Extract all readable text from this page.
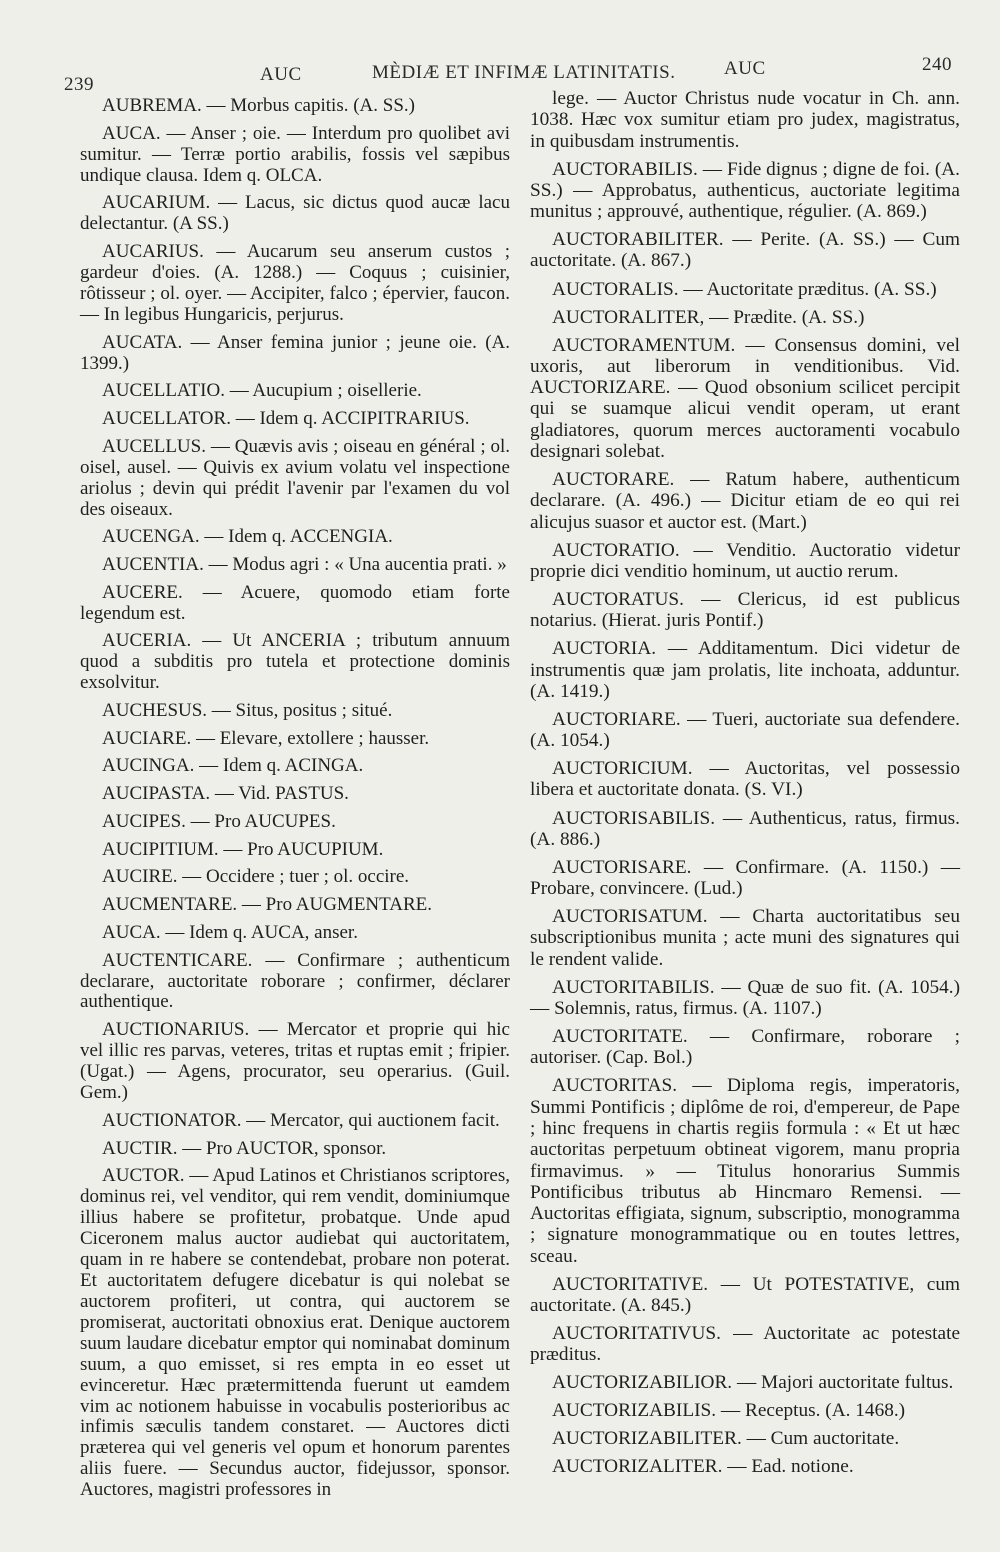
239	AUC	MÈDIÆ ET INFIMÆ LATINITATIS.	AUC	240

AUBREMA. — Morbus capitis. (A. SS.)

AUCA. — Anser ; oie. — Interdum pro quolibet avi sumitur. — Terræ portio arabilis, fossis vel sæpibus undique clausa. Idem q. OLCA.

AUCARIUM. — Lacus, sic dictus quod aucæ lacu delectantur. (A SS.)

AUCARIUS. — Aucarum seu anserum custos ; gardeur d'oies. (A. 1288.) — Coquus ; cuisinier, rôtisseur ; ol. oyer. — Accipiter, falco ; épervier, faucon. — In legibus Hungaricis, perjurus.

AUCATA. — Anser femina junior ; jeune oie. (A. 1399.)

AUCELLATIO. — Aucupium ; oisellerie.

AUCELLATOR. — Idem q. ACCIPITRARIUS.

AUCELLUS. — Quævis avis ; oiseau en général ; ol. oisel, ausel. — Quivis ex avium volatu vel inspectione ariolus ; devin qui prédit l'avenir par l'examen du vol des oiseaux.

AUCENGA. — Idem q. ACCENGIA.

AUCENTIA. — Modus agri : « Una aucentia prati. »

AUCERE. — Acuere, quomodo etiam forte legendum est.

AUCERIA. — Ut ANCERIA ; tributum annuum quod a subditis pro tutela et protectione dominis exsolvitur.

AUCHESUS. — Situs, positus ; situé.

AUCIARE. — Elevare, extollere ; hausser.

AUCINGA. — Idem q. ACINGA.

AUCIPASTA. — Vid. PASTUS.

AUCIPES. — Pro AUCUPES.

AUCIPITIUM. — Pro AUCUPIUM.

AUCIRE. — Occidere ; tuer ; ol. occire.

AUCMENTARE. — Pro AUGMENTARE.

AUCA. — Idem q. AUCA, anser.

AUCTENTICARE. — Confirmare ; authenticum declarare, auctoritate roborare ; confirmer, déclarer authentique.

AUCTIONARIUS. — Mercator et proprie qui hic vel illic res parvas, veteres, tritas et ruptas emit ; fripier. (Ugat.) — Agens, procurator, seu operarius. (Guil. Gem.)

AUCTIONATOR. — Mercator, qui auctionem facit.

AUCTIR. — Pro AUCTOR, sponsor.

AUCTOR. — Apud Latinos et Christianos scriptores, dominus rei, vel venditor, qui rem vendit, dominiumque illius habere se profitetur, probatque. Unde apud Ciceronem malus auctor audiebat qui auctoritatem, quam in re habere se contendebat, probare non poterat. Et auctoritatem defugere dicebatur is qui nolebat se auctorem profiteri, ut contra, qui auctorem se promiserat, auctoritati obnoxius erat. Denique auctorem suum laudare dicebatur emptor qui nominabat dominum suum, a quo emisset, si res empta in eo esset ut evinceretur. Hæc prætermittenda fuerunt ut eamdem vim ac notionem habuisse in vocabulis posterioribus ac infimis sæculis tandem constaret. — Auctores dicti præterea qui vel generis vel opum et honorum parentes aliis fuere. — Secundus auctor, fidejussor, sponsor. Auctores, magistri professores in

lege. — Auctor Christus nude vocatur in Ch. ann. 1038. Hæc vox sumitur etiam pro judex, magistratus, in quibusdam instrumentis.

AUCTORABILIS. — Fide dignus ; digne de foi. (A. SS.) — Approbatus, authenticus, auctoriate legitima munitus ; approuvé, authentique, régulier. (A. 869.)

AUCTORABILITER. — Perite. (A. SS.) — Cum auctoritate. (A. 867.)

AUCTORALIS. — Auctoritate præditus. (A. SS.)

AUCTORALITER, — Prædite. (A. SS.)

AUCTORAMENTUM. — Consensus domini, vel uxoris, aut liberorum in venditionibus. Vid. AUCTORIZARE. — Quod obsonium scilicet percipit qui se suamque alicui vendit operam, ut erant gladiatores, quorum merces auctoramenti vocabulo designari solebat.

AUCTORARE. — Ratum habere, authenticum declarare. (A. 496.) — Dicitur etiam de eo qui rei alicujus suasor et auctor est. (Mart.)

AUCTORATIO. — Venditio. Auctoratio videtur proprie dici venditio hominum, ut auctio rerum.

AUCTORATUS. — Clericus, id est publicus notarius. (Hierat. juris Pontif.)

AUCTORIA. — Additamentum. Dici videtur de instrumentis quæ jam prolatis, lite inchoata, adduntur. (A. 1419.)

AUCTORIARE. — Tueri, auctoriate sua defendere. (A. 1054.)

AUCTORICIUM. — Auctoritas, vel possessio libera et auctoritate donata. (S. VI.)

AUCTORISABILIS. — Authenticus, ratus, firmus. (A. 886.)

AUCTORISARE. — Confirmare. (A. 1150.) — Probare, convincere. (Lud.)

AUCTORISATUM. — Charta auctoritatibus seu subscriptionibus munita ; acte muni des signatures qui le rendent valide.

AUCTORITABILIS. — Quæ de suo fit. (A. 1054.) — Solemnis, ratus, firmus. (A. 1107.)

AUCTORITATE. — Confirmare, roborare ; autoriser. (Cap. Bol.)

AUCTORITAS. — Diploma regis, imperatoris, Summi Pontificis ; diplôme de roi, d'empereur, de Pape ; hinc frequens in chartis regiis formula : « Et ut hæc auctoritas perpetuum obtineat vigorem, manu propria firmavimus. » — Titulus honorarius Summis Pontificibus tributus ab Hincmaro Remensi. — Auctoritas effigiata, signum, subscriptio, monogramma ; signature monogrammatique ou en toutes lettres, sceau.

AUCTORITATIVE. — Ut POTESTATIVE, cum auctoritate. (A. 845.)

AUCTORITATIVUS. — Auctoritate ac potestate præditus.

AUCTORIZABILIOR. — Majori auctoritate fultus.

AUCTORIZABILIS. — Receptus. (A. 1468.)

AUCTORIZABILITER. — Cum auctoritate.

AUCTORIZALITER. — Ead. notione.
